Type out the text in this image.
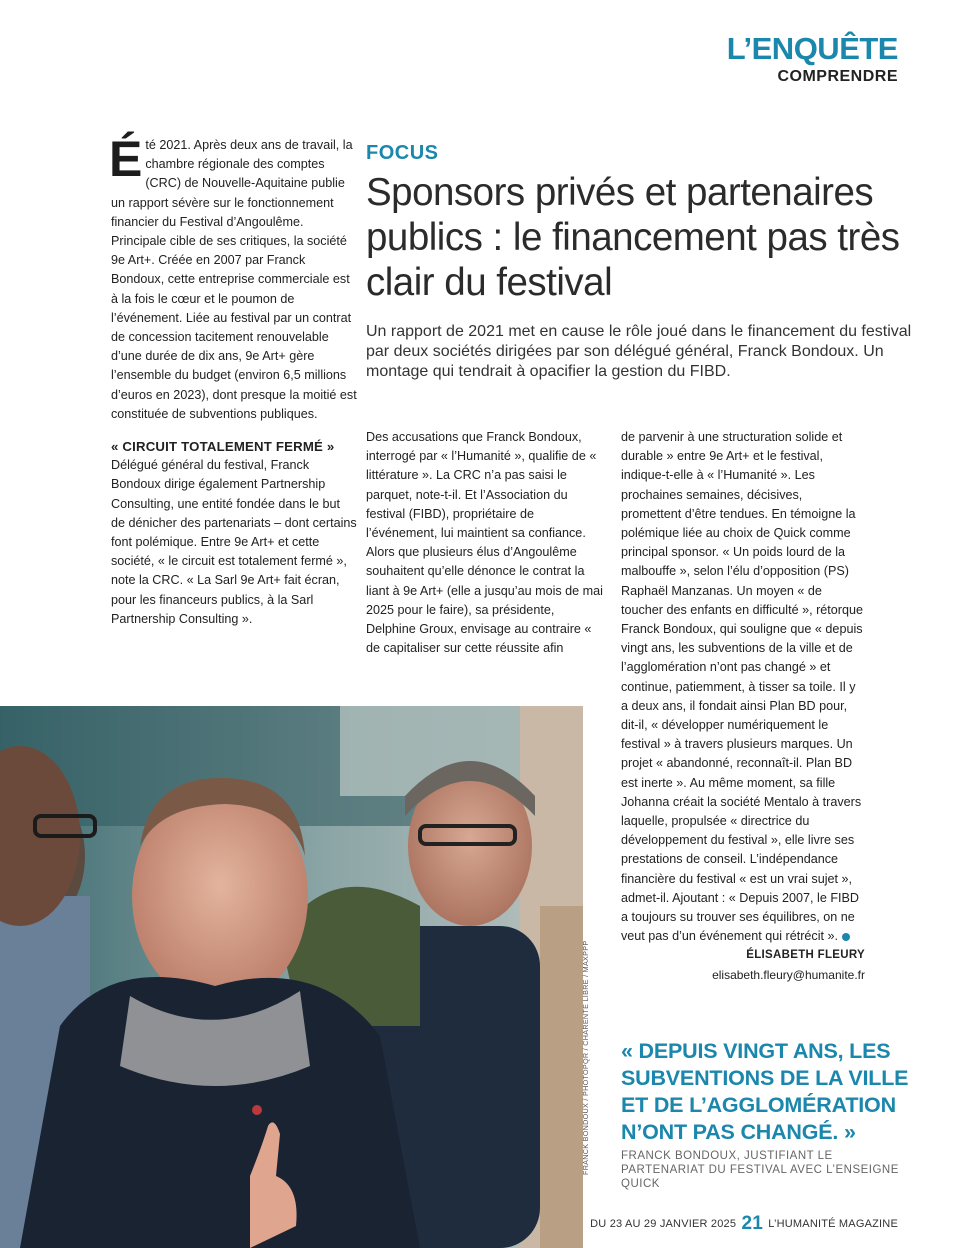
L’ENQUÊTE
COMPRENDRE

Été 2021. Après deux ans de travail, la chambre régionale des comptes (CRC) de Nouvelle-Aquitaine publie un rapport sévère sur le fonctionnement financier du Festival d’Angoulême. Principale cible de ses critiques, la société 9e Art+. Créée en 2007 par Franck Bondoux, cette entreprise commerciale est à la fois le cœur et le poumon de l’événement. Liée au festival par un contrat de concession tacitement renouvelable d’une durée de dix ans, 9e Art+ gère l’ensemble du budget (environ 6,5 millions d’euros en 2023), dont presque la moitié est constituée de subventions publiques.

« CIRCUIT TOTALEMENT FERMÉ »

Délégué général du festival, Franck Bondoux dirige également Partnership Consulting, une entité fondée dans le but de dénicher des partenariats – dont certains font polémique. Entre 9e Art+ et cette société, « le circuit est totalement fermé », note la CRC. « La Sarl 9e Art+ fait écran, pour les financeurs publics, à la Sarl Partnership Consulting ».

FOCUS
Sponsors privés et partenaires publics : le financement pas très clair du festival

Un rapport de 2021 met en cause le rôle joué dans le financement du festival par deux sociétés dirigées par son délégué général, Franck Bondoux. Un montage qui tendrait à opacifier la gestion du FIBD.

Des accusations que Franck Bondoux, interrogé par « l’Humanité », qualifie de « littérature ». La CRC n’a pas saisi le parquet, note-t-il. Et l’Association du festival (FIBD), propriétaire de l’événement, lui maintient sa confiance. Alors que plusieurs élus d’Angoulême souhaitent qu’elle dénonce le contrat la liant à 9e Art+ (elle a jusqu’au mois de mai 2025 pour le faire), sa présidente, Delphine Groux, envisage au contraire « de capitaliser sur cette réussite afin

de parvenir à une structuration solide et durable » entre 9e Art+ et le festival, indique-t-elle à « l’Humanité ». Les prochaines semaines, décisives, promettent d’être tendues. En témoigne la polémique liée au choix de Quick comme principal sponsor. « Un poids lourd de la malbouffe », selon l’élu d’opposition (PS) Raphaël Manzanas. Un moyen « de toucher des enfants en difficulté », rétorque Franck Bondoux, qui souligne que « depuis vingt ans, les subventions de la ville et de l’agglomération n’ont pas changé » et continue, patiemment, à tisser sa toile. Il y a deux ans, il fondait ainsi Plan BD pour, dit-il, « développer numériquement le festival » à travers plusieurs marques. Un projet « abandonné, reconnaît-il. Plan BD est inerte ». Au même moment, sa fille Johanna créait la société Mentalo à travers laquelle, propulsée « directrice du développement du festival », elle livre ses prestations de conseil. L’indépendance financière du festival « est un vrai sujet », admet-il. Ajoutant : « Depuis 2007, le FIBD a toujours su trouver ses équilibres, on ne veut pas d’un événement qui rétrécit ».

ÉLISABETH FLEURY
elisabeth.fleury@humanite.fr
FRANCK BONDOUX / PHOTOPQR / CHARENTE LIBRE / MAXPPP « DEPUIS VINGT ANS, LES SUBVENTIONS DE LA VILLE ET DE L’AGGLOMÉRATION N’ONT PAS CHANGÉ. »

FRANCK BONDOUX, JUSTIFIANT LE PARTENARIAT DU FESTIVAL AVEC L’ENSEIGNE QUICK

DU 23 AU 29 JANVIER 2025 21 L’HUMANITÉ MAGAZINE
